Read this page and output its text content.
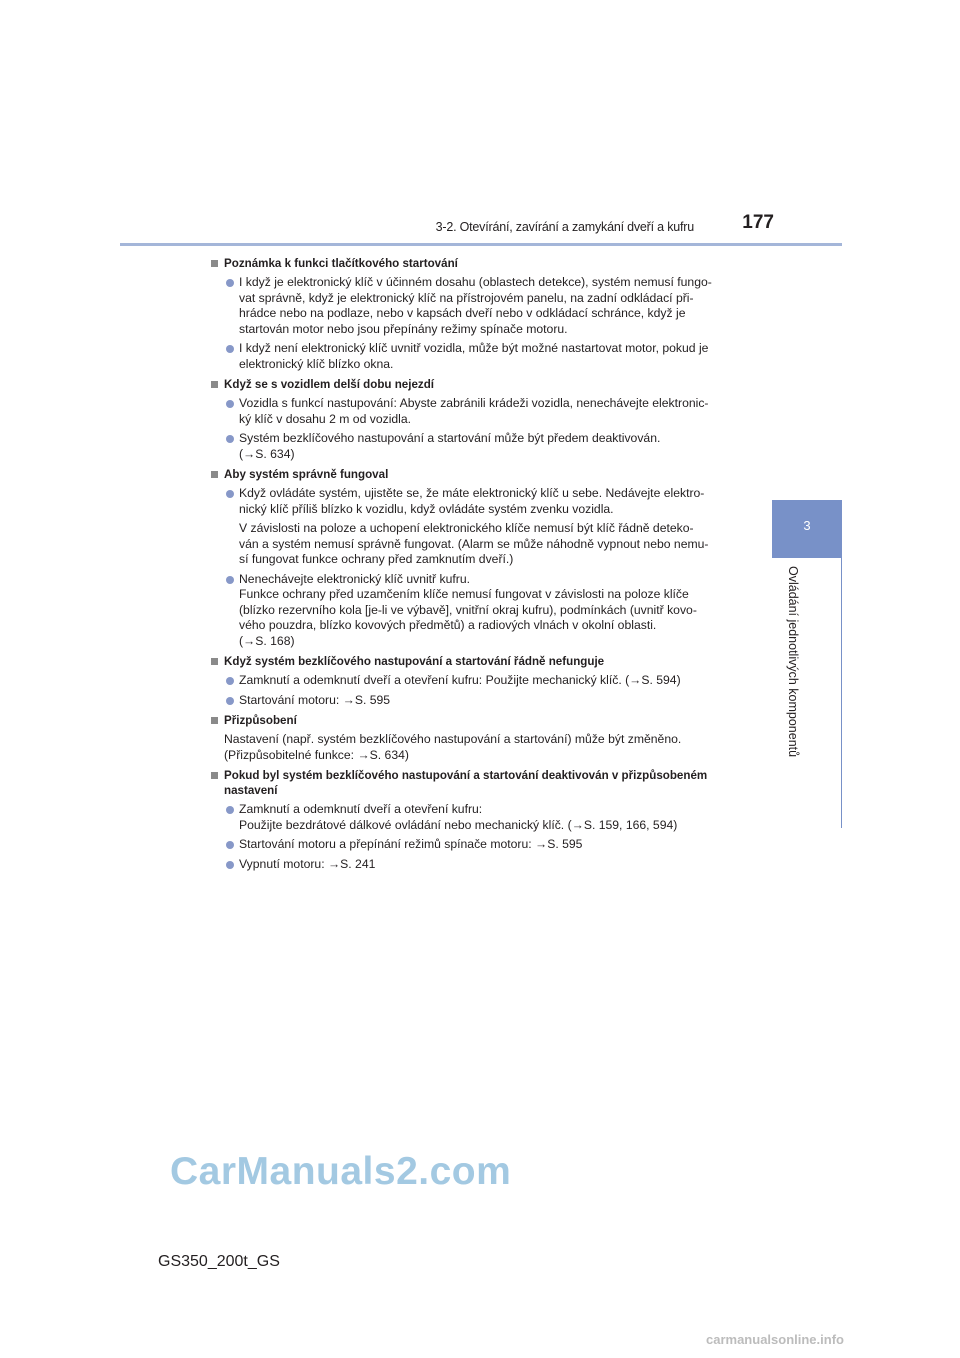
3-2. Otevírání, zavírání a zamykání dveří a kufru	177
3
Ovládání jednotlivých komponentů
Poznámka k funkci tlačítkového startování
I když je elektronický klíč v účinném dosahu (oblastech detekce), systém nemusí fungo-
vat správně, když je elektronický klíč na přístrojovém panelu, na zadní odkládací při-
hrádce nebo na podlaze, nebo v kapsách dveří nebo v odkládací schránce, když je
startován motor nebo jsou přepínány režimy spínače motoru.
I když není elektronický klíč uvnitř vozidla, může být možné nastartovat motor, pokud je
elektronický klíč blízko okna.
Když se s vozidlem delší dobu nejezdí
Vozidla s funkcí nastupování: Abyste zabránili krádeži vozidla, nenechávejte elektronic-
ký klíč v dosahu 2 m od vozidla.
Systém bezklíčového nastupování a startování může být předem deaktivován.
(→S. 634)
Aby systém správně fungoval
Když ovládáte systém, ujistěte se, že máte elektronický klíč u sebe. Nedávejte elektro-
nický klíč příliš blízko k vozidlu, když ovládáte systém zvenku vozidla.
V závislosti na poloze a uchopení elektronického klíče nemusí být klíč řádně deteko-
ván a systém nemusí správně fungovat. (Alarm se může náhodně vypnout nebo nemu-
sí fungovat funkce ochrany před zamknutím dveří.)
Nenechávejte elektronický klíč uvnitř kufru.
Funkce ochrany před uzamčením klíče nemusí fungovat v závislosti na poloze klíče
(blízko rezervního kola [je-li ve výbavě], vnitřní okraj kufru), podmínkách (uvnitř kovo-
vého pouzdra, blízko kovových předmětů) a radiových vlnách v okolní oblasti.
(→S. 168)
Když systém bezklíčového nastupování a startování řádně nefunguje
Zamknutí a odemknutí dveří a otevření kufru: Použijte mechanický klíč. (→S. 594)
Startování motoru: →S. 595
Přizpůsobení
Nastavení (např. systém bezklíčového nastupování a startování) může být změněno.
(Přizpůsobitelné funkce: →S. 634)
Pokud byl systém bezklíčového nastupování a startování deaktivován v přizpůsobeném nastavení
Zamknutí a odemknutí dveří a otevření kufru:
Použijte bezdrátové dálkové ovládání nebo mechanický klíč. (→S. 159, 166, 594)
Startování motoru a přepínání režimů spínače motoru: →S. 595
Vypnutí motoru: →S. 241
CarManuals2.com
GS350_200t_GS
carmanualsonline.info
